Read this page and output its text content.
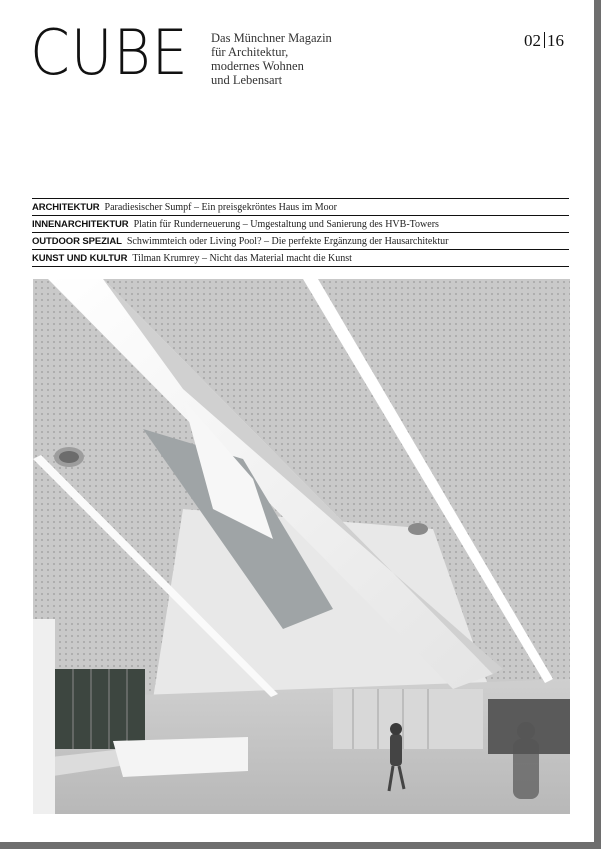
CUBE Das Münchner Magazin
für Architektur,
modernes Wohnen
und Lebensart
02 16
ARCHITEKTUR Paradiesischer Sumpf – Ein preisgekröntes Haus im Moor
INNENARCHITEKTUR Platin für Runderneuerung – Umgestaltung und Sanierung des HVB-Towers
OUTDOOR SPEZIAL Schwimmteich oder Living Pool? – Die perfekte Ergänzung der Hausarchitektur
KUNST UND KULTUR Tilman Krumrey – Nicht das Material macht die Kunst
